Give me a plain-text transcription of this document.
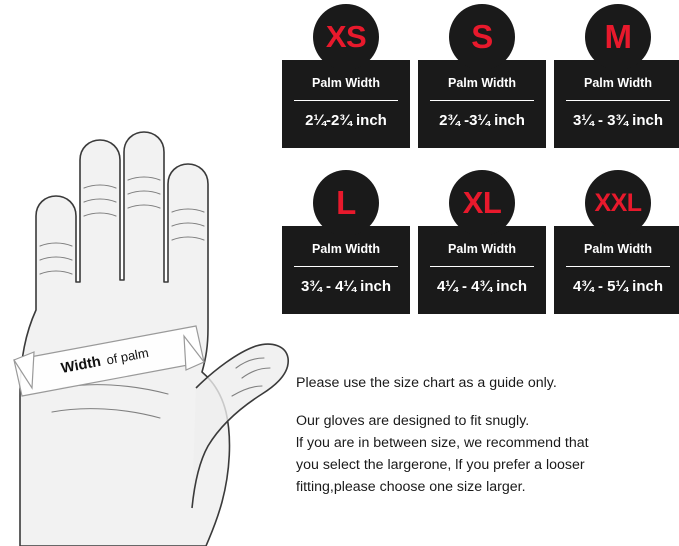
Width of palm
XS
Palm Width
2¼-2¾ inch
S
Palm Width
2¾ -3¼ inch
M
Palm Width
3¼ - 3¾ inch
L
Palm Width
3¾ - 4¼ inch
XL
Palm Width
4¼ - 4¾ inch
XXL
Palm Width
4¾ - 5¼ inch

Please use the size chart as a guide only.

Our gloves are designed to fit snugly.
lf you are in between size, we recommend that
you select the largerone, lf you prefer a looser
fitting,please choose one size larger.
